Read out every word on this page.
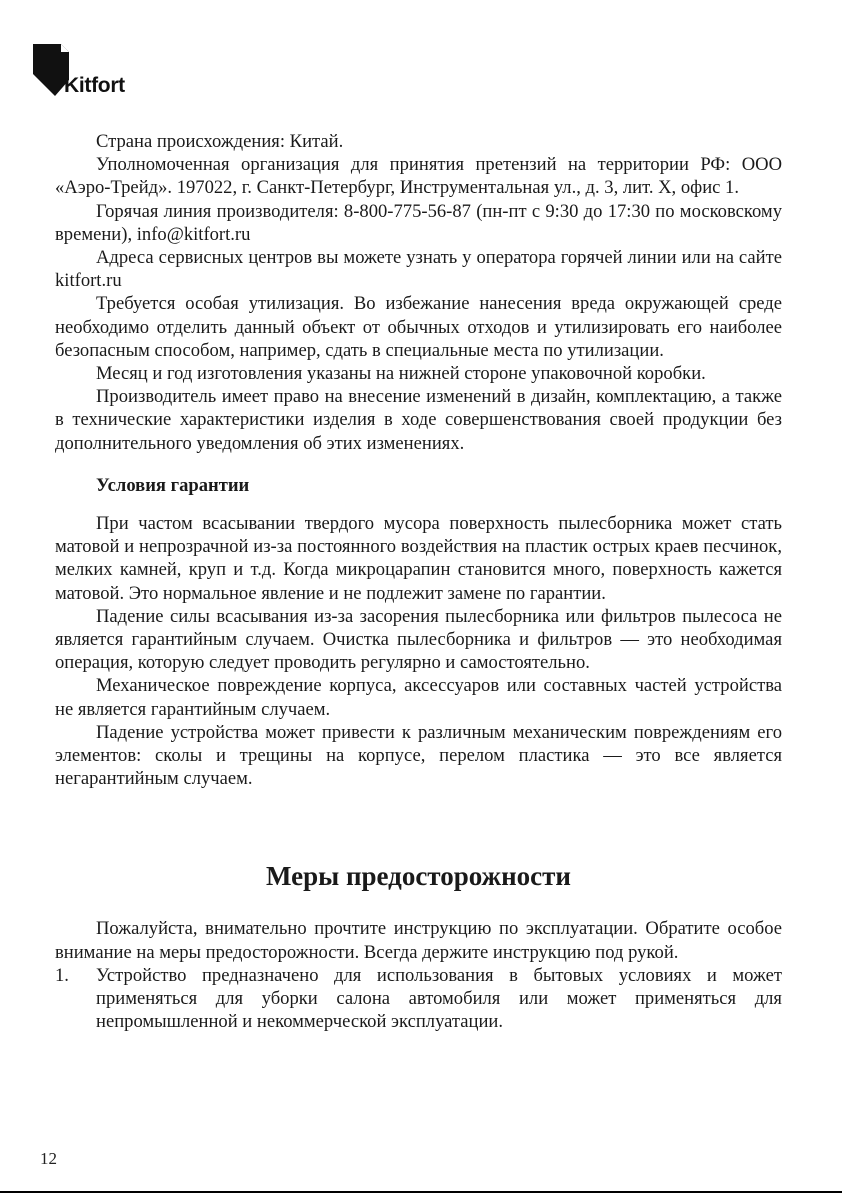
Kitfort

Страна происхождения: Китай.

Уполномоченная организация для принятия претензий на территории РФ: ООО «Аэро-Трейд». 197022, г. Санкт-Петербург, Инструментальная ул., д. 3, лит. Х, офис 1.

Горячая линия производителя: 8-800-775-56-87 (пн-пт с 9:30 до 17:30 по московскому времени), info@kitfort.ru

Адреса сервисных центров вы можете узнать у оператора горячей линии или на сайте kitfort.ru

Требуется особая утилизация. Во избежание нанесения вреда окружающей среде необходимо отделить данный объект от обычных отходов и утилизировать его наиболее безопасным способом, например, сдать в специальные места по утилизации.

Месяц и год изготовления указаны на нижней стороне упаковочной коробки.

Производитель имеет право на внесение изменений в дизайн, комплектацию, а также в технические характеристики изделия в ходе совершенствования своей продукции без дополнительного уведомления об этих изменениях.

Условия гарантии

При частом всасывании твердого мусора поверхность пылесборника может стать матовой и непрозрачной из-за постоянного воздействия на пластик острых краев песчинок, мелких камней, круп и т.д. Когда микроцарапин становится много, поверхность кажется матовой. Это нормальное явление и не подлежит замене по гарантии.

Падение силы всасывания из-за засорения пылесборника или фильтров пылесоса не является гарантийным случаем. Очистка пылесборника и фильтров — это необходимая операция, которую следует проводить регулярно и самостоятельно.

Механическое повреждение корпуса, аксессуаров или составных частей устройства не является гарантийным случаем.

Падение устройства может привести к различным механическим повреждениям его элементов: сколы и трещины на корпусе, перелом пластика — это все является негарантийным случаем.

Меры предосторожности

Пожалуйста, внимательно прочтите инструкцию по эксплуатации. Обратите особое внимание на меры предосторожности. Всегда держите инструкцию под рукой.

1.	Устройство предназначено для использования в бытовых условиях и может применяться для уборки салона автомобиля или может применяться для непромышленной и некоммерческой эксплуатации.
12
